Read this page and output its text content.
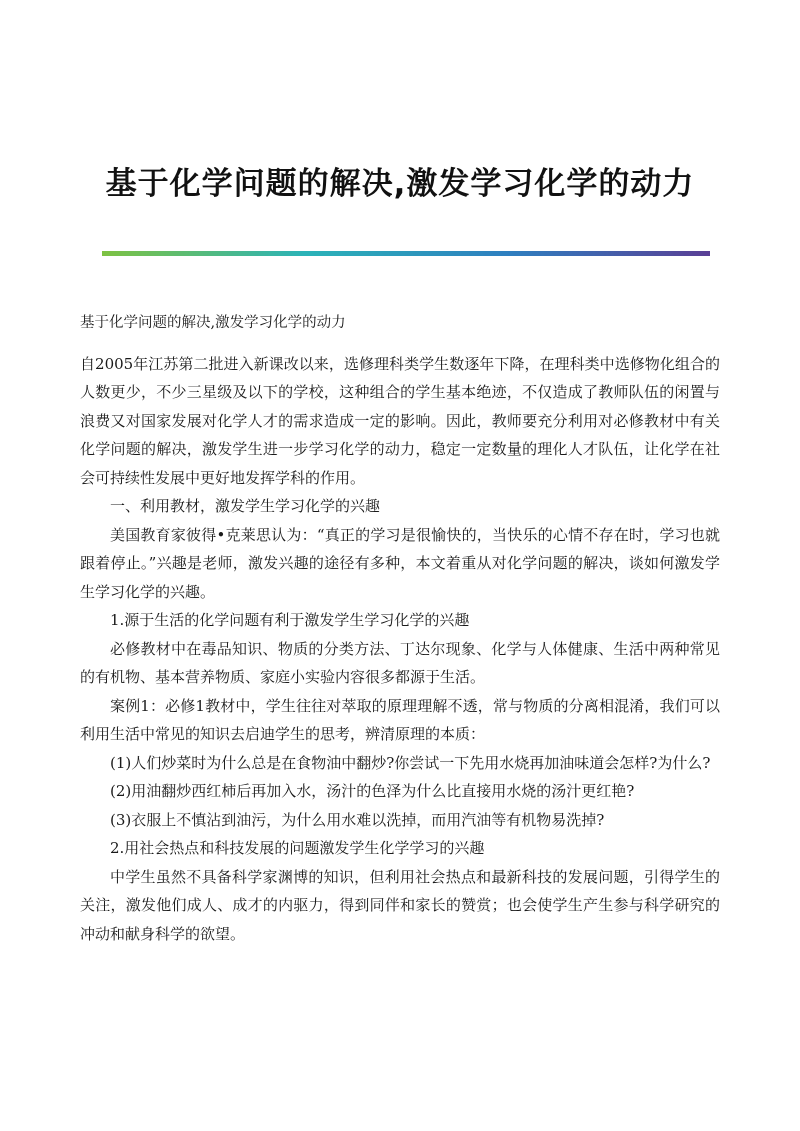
基于化学问题的解决,激发学习化学的动力

基于化学问题的解决,激发学习化学的动力

自2005年江苏第二批进入新课改以来，选修理科类学生数逐年下降，在理科类中选修物化组合的人数更少，不少三星级及以下的学校，这种组合的学生基本绝迹，不仅造成了教师队伍的闲置与浪费又对国家发展对化学人才的需求造成一定的影响。因此，教师要充分利用对必修教材中有关化学问题的解决，激发学生进一步学习化学的动力，稳定一定数量的理化人才队伍，让化学在社会可持续性发展中更好地发挥学科的作用。

一、利用教材，激发学生学习化学的兴趣

美国教育家彼得•克莱思认为：“真正的学习是很愉快的，当快乐的心情不存在时，学习也就跟着停止。”兴趣是老师，激发兴趣的途径有多种，本文着重从对化学问题的解决，谈如何激发学生学习化学的兴趣。

1.源于生活的化学问题有利于激发学生学习化学的兴趣

必修教材中在毒品知识、物质的分类方法、丁达尔现象、化学与人体健康、生活中两种常见的有机物、基本营养物质、家庭小实验内容很多都源于生活。

案例1：必修1教材中，学生往往对萃取的原理理解不透，常与物质的分离相混淆，我们可以利用生活中常见的知识去启迪学生的思考，辨清原理的本质：

(1)人们炒菜时为什么总是在食物油中翻炒?你尝试一下先用水烧再加油味道会怎样?为什么?

(2)用油翻炒西红柿后再加入水，汤汁的色泽为什么比直接用水烧的汤汁更红艳?

(3)衣服上不慎沾到油污，为什么用水难以洗掉，而用汽油等有机物易洗掉?

2.用社会热点和科技发展的问题激发学生化学学习的兴趣

中学生虽然不具备科学家渊博的知识，但利用社会热点和最新科技的发展问题，引得学生的关注，激发他们成人、成才的内驱力，得到同伴和家长的赞赏；也会使学生产生参与科学研究的冲动和献身科学的欲望。
